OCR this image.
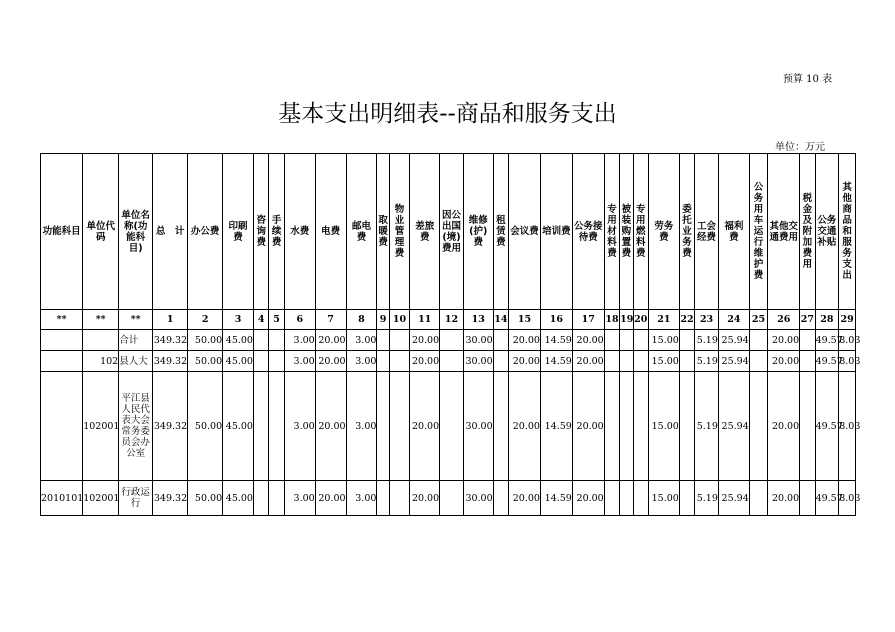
预算 10 表
基本支出明细表--商品和服务支出
单位：万元
功能科目	单位代码	单位名称(功能科目)	总　计	办公费	印刷费	咨询费	手续费	水费	电费	邮电费	取暖费	物业管理费	差旅费	因公出国(境)费用	维修(护)费	租赁费	会议费	培训费	公务接待费	专用材料费	被装购置费	专用燃料费	劳务费	委托业务费	工会经费	福利费	公务用车运行维护费	其他交通费用	税金及附加费用	公务交通补贴	其他商品和服务支出
**	**	**	1	2	3	4	5	6	7	8	9	10	11	12	13	14	15	16	17	18	19	20	21	22	23	24	25	26	27	28	29
		合计	349.32	50.00	45.00			3.00	20.00	3.00			20.00		30.00		20.00	14.59	20.00				15.00		5.19	25.94		20.00		49.57	8.03
	102	县人大	349.32	50.00	45.00			3.00	20.00	3.00			20.00		30.00		20.00	14.59	20.00				15.00		5.19	25.94		20.00		49.57	8.03
	102001	平江县人民代表大会常务委员会办公室	349.32	50.00	45.00			3.00	20.00	3.00			20.00		30.00		20.00	14.59	20.00				15.00		5.19	25.94		20.00		49.57	8.03
2010101	102001	行政运行	349.32	50.00	45.00			3.00	20.00	3.00			20.00		30.00		20.00	14.59	20.00				15.00		5.19	25.94		20.00		49.57	8.03
